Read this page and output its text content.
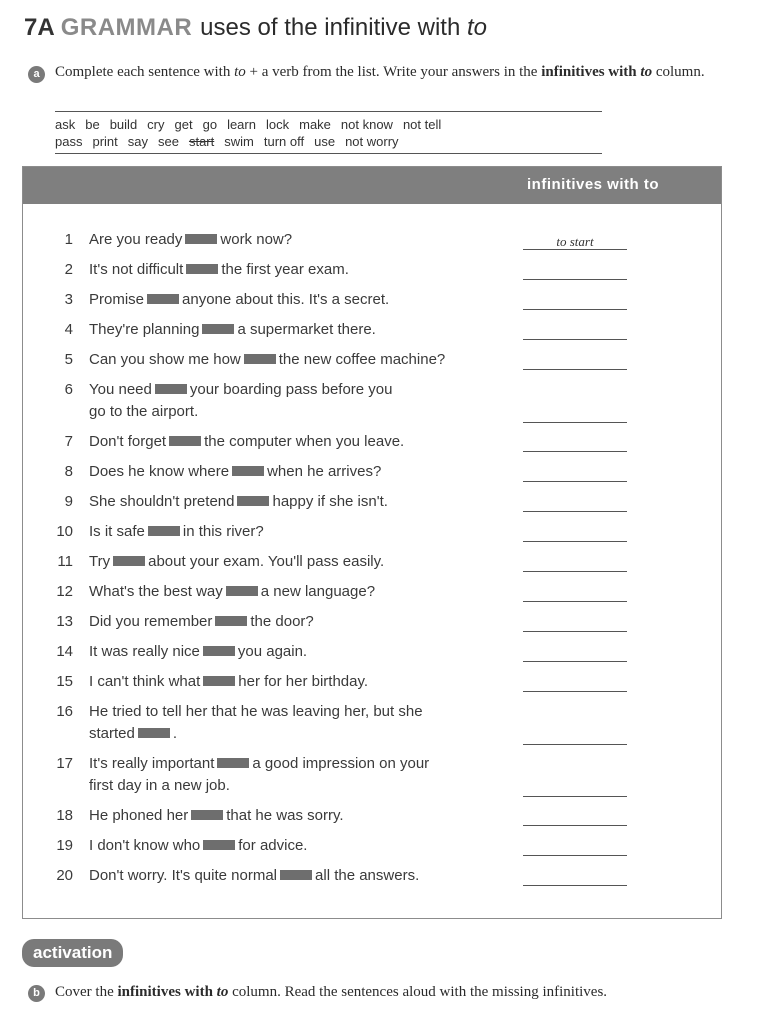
7A GRAMMAR uses of the infinitive with to
a	Complete each sentence with to + a verb from the list. Write your answers in the infinitives with to column.
ask be build cry get go learn lock make not know not tell
pass print say see start swim turn off use not worry
infinitives with to
1 Are you ready	work now?	to start
2 It's not difficult	the first year exam.
3 Promise	anyone about this. It's a secret.
4 They're planning	a supermarket there.
5 Can you show me how	the new coffee machine?
6 You need	your boarding pass before you
go to the airport.
7 Don't forget	the computer when you leave.
8 Does he know where	when he arrives?
9 She shouldn't pretend	happy if she isn't.
10 Is it safe	in this river?
11 Try	about your exam. You'll pass easily.
12 What's the best way	a new language?
13 Did you remember	the door?
14 It was really nice	you again.
15 I can't think what	her for her birthday.
16 He tried to tell her that he was leaving her, but she
started	.
17 It's really important	a good impression on your
first day in a new job.
18 He phoned her	that he was sorry.
19 I don't know who	for advice.
20 Don't worry. It's quite normal	all the answers.
activation
b	Cover the infinitives with to column. Read the sentences aloud with the missing infinitives.
